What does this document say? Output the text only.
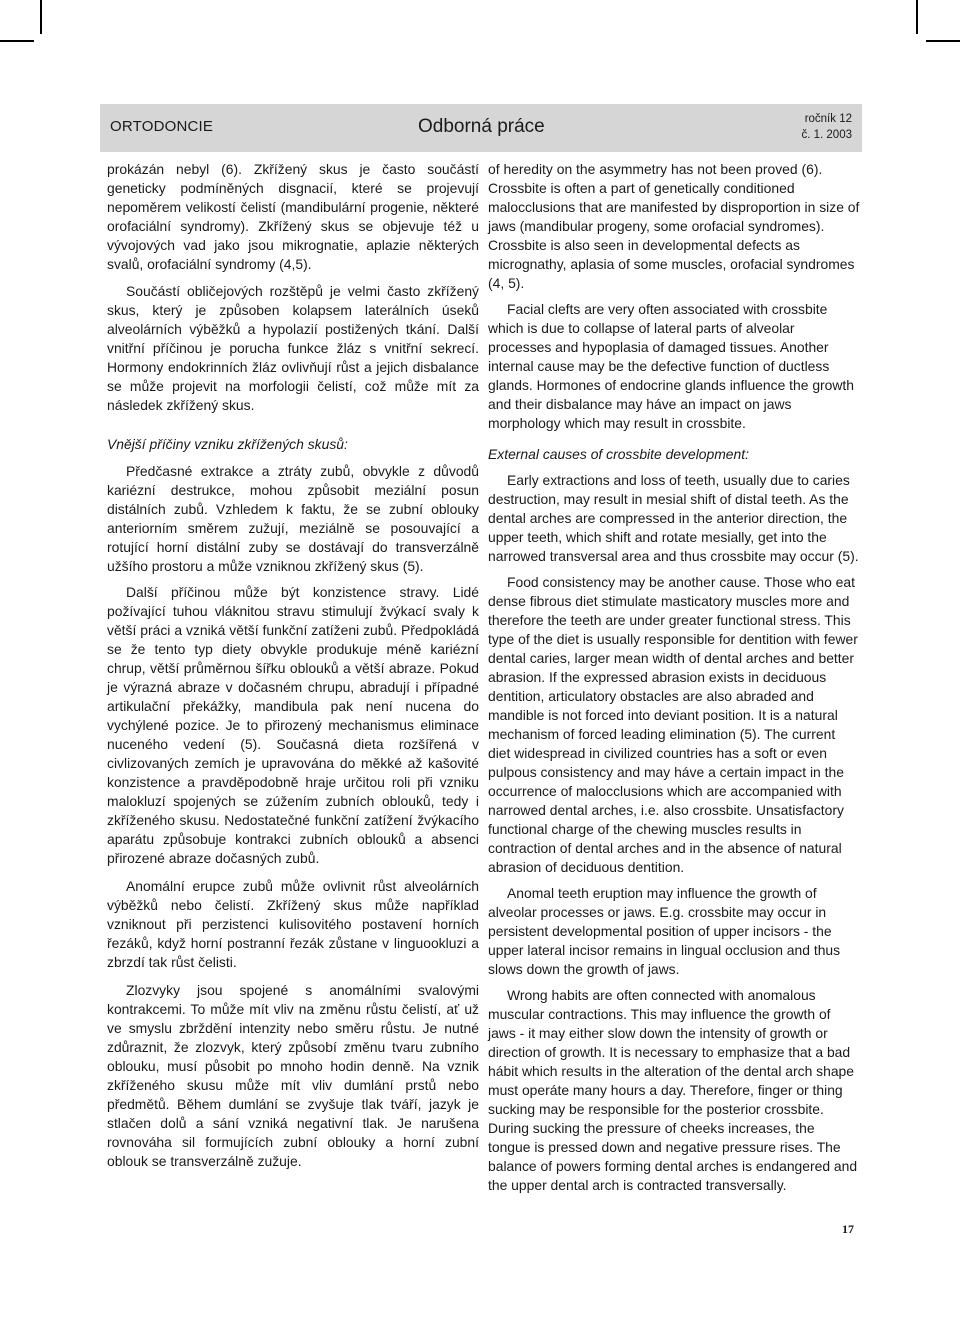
ORTODONCIE	Odborná práce	ročník 12
č. 1. 2003

prokázán nebyl (6). Zkřížený skus je často součástí geneticky podmíněných disgnacií, které se projevují nepoměrem velikostí čelistí (mandibulární progenie, některé orofaciální syndromy). Zkřížený skus se objevuje též u vývojových vad jako jsou mikrognatie, aplazie některých svalů, orofaciální syndromy (4,5).

Součástí obličejových rozštěpů je velmi často zkřížený skus, který je způsoben kolapsem laterálních úseků alveolárních výběžků a hypolazií postižených tkání. Další vnitřní příčinou je porucha funkce žláz s vnitřní sekrecí. Hormony endokrinních žláz ovlivňují růst a jejich disbalance se může projevit na morfologii čelistí, což může mít za následek zkřížený skus.

Vnější příčiny vzniku zkřížených skusů:

Předčasné extrakce a ztráty zubů, obvykle z důvodů kariézní destrukce, mohou způsobit meziální posun distálních zubů. Vzhledem k faktu, že se zubní oblouky anteriorním směrem zužují, meziálně se posouvající a rotující horní distální zuby se dostávají do transverzálně užšího prostoru a může vzniknou zkřížený skus (5).

Další příčinou může být konzistence stravy. Lidé požívající tuhou vláknitou stravu stimulují žvýkací svaly k větší práci a vzniká větší funkční zatíženi zubů. Předpokládá se že tento typ diety obvykle produkuje méně kariézní chrup, větší průměrnou šířku oblouků a větší abraze. Pokud je výrazná abraze v dočasném chrupu, abradují i případné artikulační překážky, mandibula pak není nucena do vychýlené pozice. Je to přirozený mechanismus eliminace nuceného vedení (5). Současná dieta rozšířená v civlizovaných zemích je upravována do měkké až kašovité konzistence a pravděpodobně hraje určitou roli při vzniku malokluzí spojených se zúžením zubních oblouků, tedy i zkříženého skusu. Nedostatečné funkční zatížení žvýkacího aparátu způsobuje kontrakci zubních oblouků a absenci přirozené abraze dočasných zubů.

Anomální erupce zubů může ovlivnit růst alveolárních výběžků nebo čelistí. Zkřížený skus může například vzniknout při perzistenci kulisovitého postavení horních řezáků, když horní postranní řezák zůstane v linguookluzi a zbrzdí tak růst čelisti.

Zlozvyky jsou spojené s anomálními svalovými kontrakcemi. To může mít vliv na změnu růstu čelistí, ať už ve smyslu zbrždění intenzity nebo směru růstu. Je nutné zdůraznit, že zlozvyk, který způsobí změnu tvaru zubního oblouku, musí působit po mnoho hodin denně. Na vznik zkříženého skusu může mít vliv dumlání prstů nebo předmětů. Během dumlání se zvyšuje tlak tváří, jazyk je stlačen dolů a sání vzniká negativní tlak. Je narušena rovnováha sil formujících zubní oblouky a horní zubní oblouk se transverzálně zužuje.

of heredity on the asymmetry has not been proved (6). Crossbite is often a part of genetically conditioned malocclusions that are manifested by disproportion in size of jaws (mandibular progeny, some orofacial syndromes). Crossbite is also seen in developmental defects as micrognathy, aplasia of some muscles, orofacial syndromes (4, 5).

Facial clefts are very often associated with crossbite which is due to collapse of lateral parts of alveolar processes and hypoplasia of damaged tissues. Another internal cause may be the defective function of ductless glands. Hormones of endocrine glands influence the growth and their disbalance may háve an impact on jaws morphology which may result in crossbite.

External causes of crossbite development:

Early extractions and loss of teeth, usually due to caries destruction, may result in mesial shift of distal teeth. As the dental arches are compressed in the anterior direction, the upper teeth, which shift and rotate mesially, get into the narrowed transversal area and thus crossbite may occur (5).

Food consistency may be another cause. Those who eat dense fibrous diet stimulate masticatory muscles more and therefore the teeth are under greater functional stress. This type of the diet is usually responsible for dentition with fewer dental caries, larger mean width of dental arches and better abrasion. If the expressed abrasion exists in deciduous dentition, articulatory obstacles are also abraded and mandible is not forced into deviant position. It is a natural mechanism of forced leading elimination (5). The current diet widespread in civilized countries has a soft or even pulpous consistency and may háve a certain impact in the occurrence of malocclusions which are accompanied with narrowed dental arches, i.e. also crossbite. Unsatisfactory functional charge of the chewing muscles results in contraction of dental arches and in the absence of natural abrasion of deciduous dentition.

Anomal teeth eruption may influence the growth of alveolar processes or jaws. E.g. crossbite may occur in persistent developmental position of upper incisors - the upper lateral incisor remains in lingual occlusion and thus slows down the growth of jaws.

Wrong habits are often connected with anomalous muscular contractions. This may influence the growth of jaws - it may either slow down the intensity of growth or direction of growth. It is necessary to emphasize that a bad hábit which results in the alteration of the dental arch shape must operáte many hours a day. Therefore, finger or thing sucking may be responsible for the posterior crossbite. During sucking the pressure of cheeks increases, the tongue is pressed down and negative pressure rises. The balance of powers forming dental arches is endangered and the upper dental arch is contracted transversally.

17
